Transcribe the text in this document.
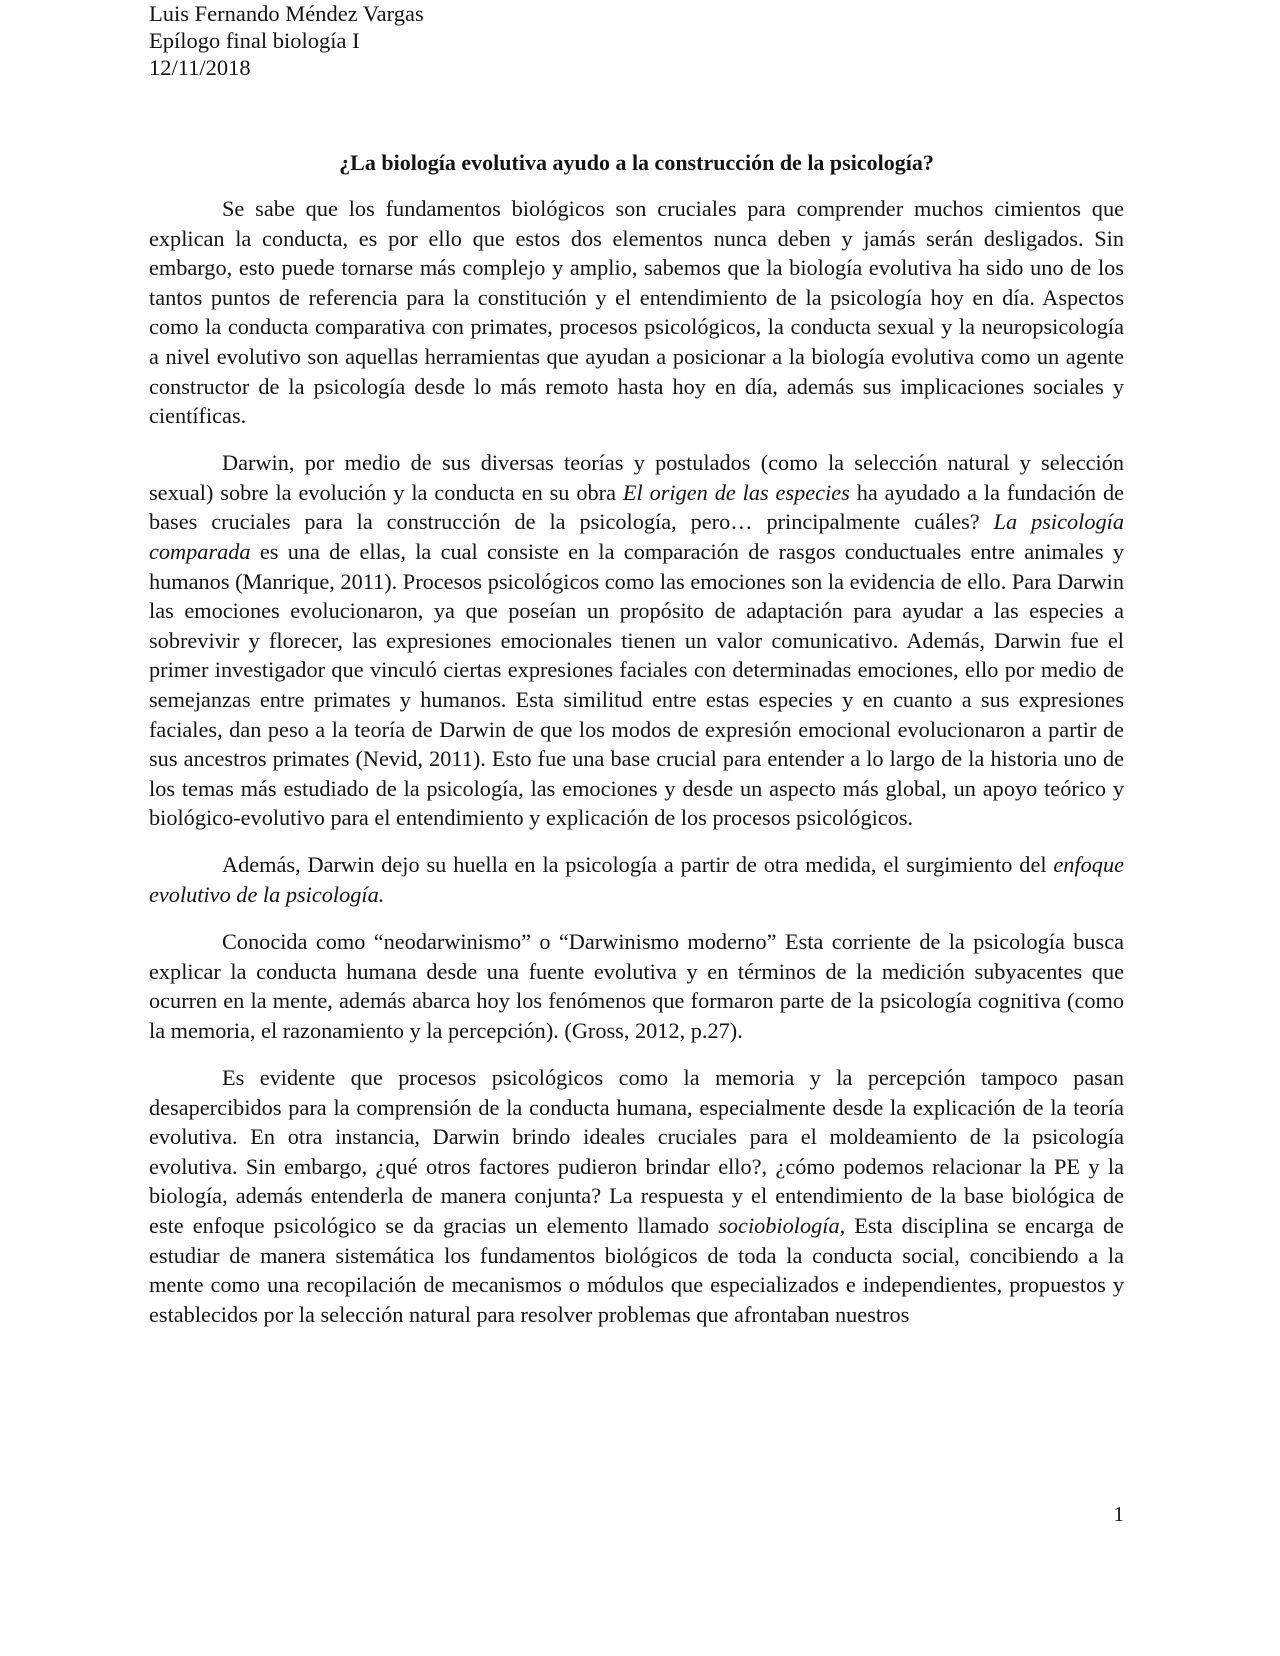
Luis Fernando Méndez Vargas
Epílogo final biología I
12/11/2018
¿La biología evolutiva ayudo a la construcción de la psicología?

Se sabe que los fundamentos biológicos son cruciales para comprender muchos cimientos que explican la conducta, es por ello que estos dos elementos nunca deben y jamás serán desligados. Sin embargo, esto puede tornarse más complejo y amplio, sabemos que la biología evolutiva ha sido uno de los tantos puntos de referencia para la constitución y el entendimiento de la psicología hoy en día. Aspectos como la conducta comparativa con primates, procesos psicológicos, la conducta sexual y la neuropsicología a nivel evolutivo son aquellas herramientas que ayudan a posicionar a la biología evolutiva como un agente constructor de la psicología desde lo más remoto hasta hoy en día, además sus implicaciones sociales y científicas.

Darwin, por medio de sus diversas teorías y postulados (como la selección natural y selección sexual) sobre la evolución y la conducta en su obra El origen de las especies ha ayudado a la fundación de bases cruciales para la construcción de la psicología, pero… principalmente cuáles? La psicología comparada es una de ellas, la cual consiste en la comparación de rasgos conductuales entre animales y humanos (Manrique, 2011). Procesos psicológicos como las emociones son la evidencia de ello. Para Darwin las emociones evolucionaron, ya que poseían un propósito de adaptación para ayudar a las especies a sobrevivir y florecer, las expresiones emocionales tienen un valor comunicativo. Además, Darwin fue el primer investigador que vinculó ciertas expresiones faciales con determinadas emociones, ello por medio de semejanzas entre primates y humanos. Esta similitud entre estas especies y en cuanto a sus expresiones faciales, dan peso a la teoría de Darwin de que los modos de expresión emocional evolucionaron a partir de sus ancestros primates (Nevid, 2011). Esto fue una base crucial para entender a lo largo de la historia uno de los temas más estudiado de la psicología, las emociones y desde un aspecto más global, un apoyo teórico y biológico-evolutivo para el entendimiento y explicación de los procesos psicológicos.

Además, Darwin dejo su huella en la psicología a partir de otra medida, el surgimiento del enfoque evolutivo de la psicología.

Conocida como “neodarwinismo” o “Darwinismo moderno” Esta corriente de la psicología busca explicar la conducta humana desde una fuente evolutiva y en términos de la medición subyacentes que ocurren en la mente, además abarca hoy los fenómenos que formaron parte de la psicología cognitiva (como la memoria, el razonamiento y la percepción). (Gross, 2012, p.27).

Es evidente que procesos psicológicos como la memoria y la percepción tampoco pasan desapercibidos para la comprensión de la conducta humana, especialmente desde la explicación de la teoría evolutiva. En otra instancia, Darwin brindo ideales cruciales para el moldeamiento de la psicología evolutiva. Sin embargo, ¿qué otros factores pudieron brindar ello?, ¿cómo podemos relacionar la PE y la biología, además entenderla de manera conjunta? La respuesta y el entendimiento de la base biológica de este enfoque psicológico se da gracias un elemento llamado sociobiología, Esta disciplina se encarga de estudiar de manera sistemática los fundamentos biológicos de toda la conducta social, concibiendo a la mente como una recopilación de mecanismos o módulos que especializados e independientes, propuestos y establecidos por la selección natural para resolver problemas que afrontaban nuestros

1
